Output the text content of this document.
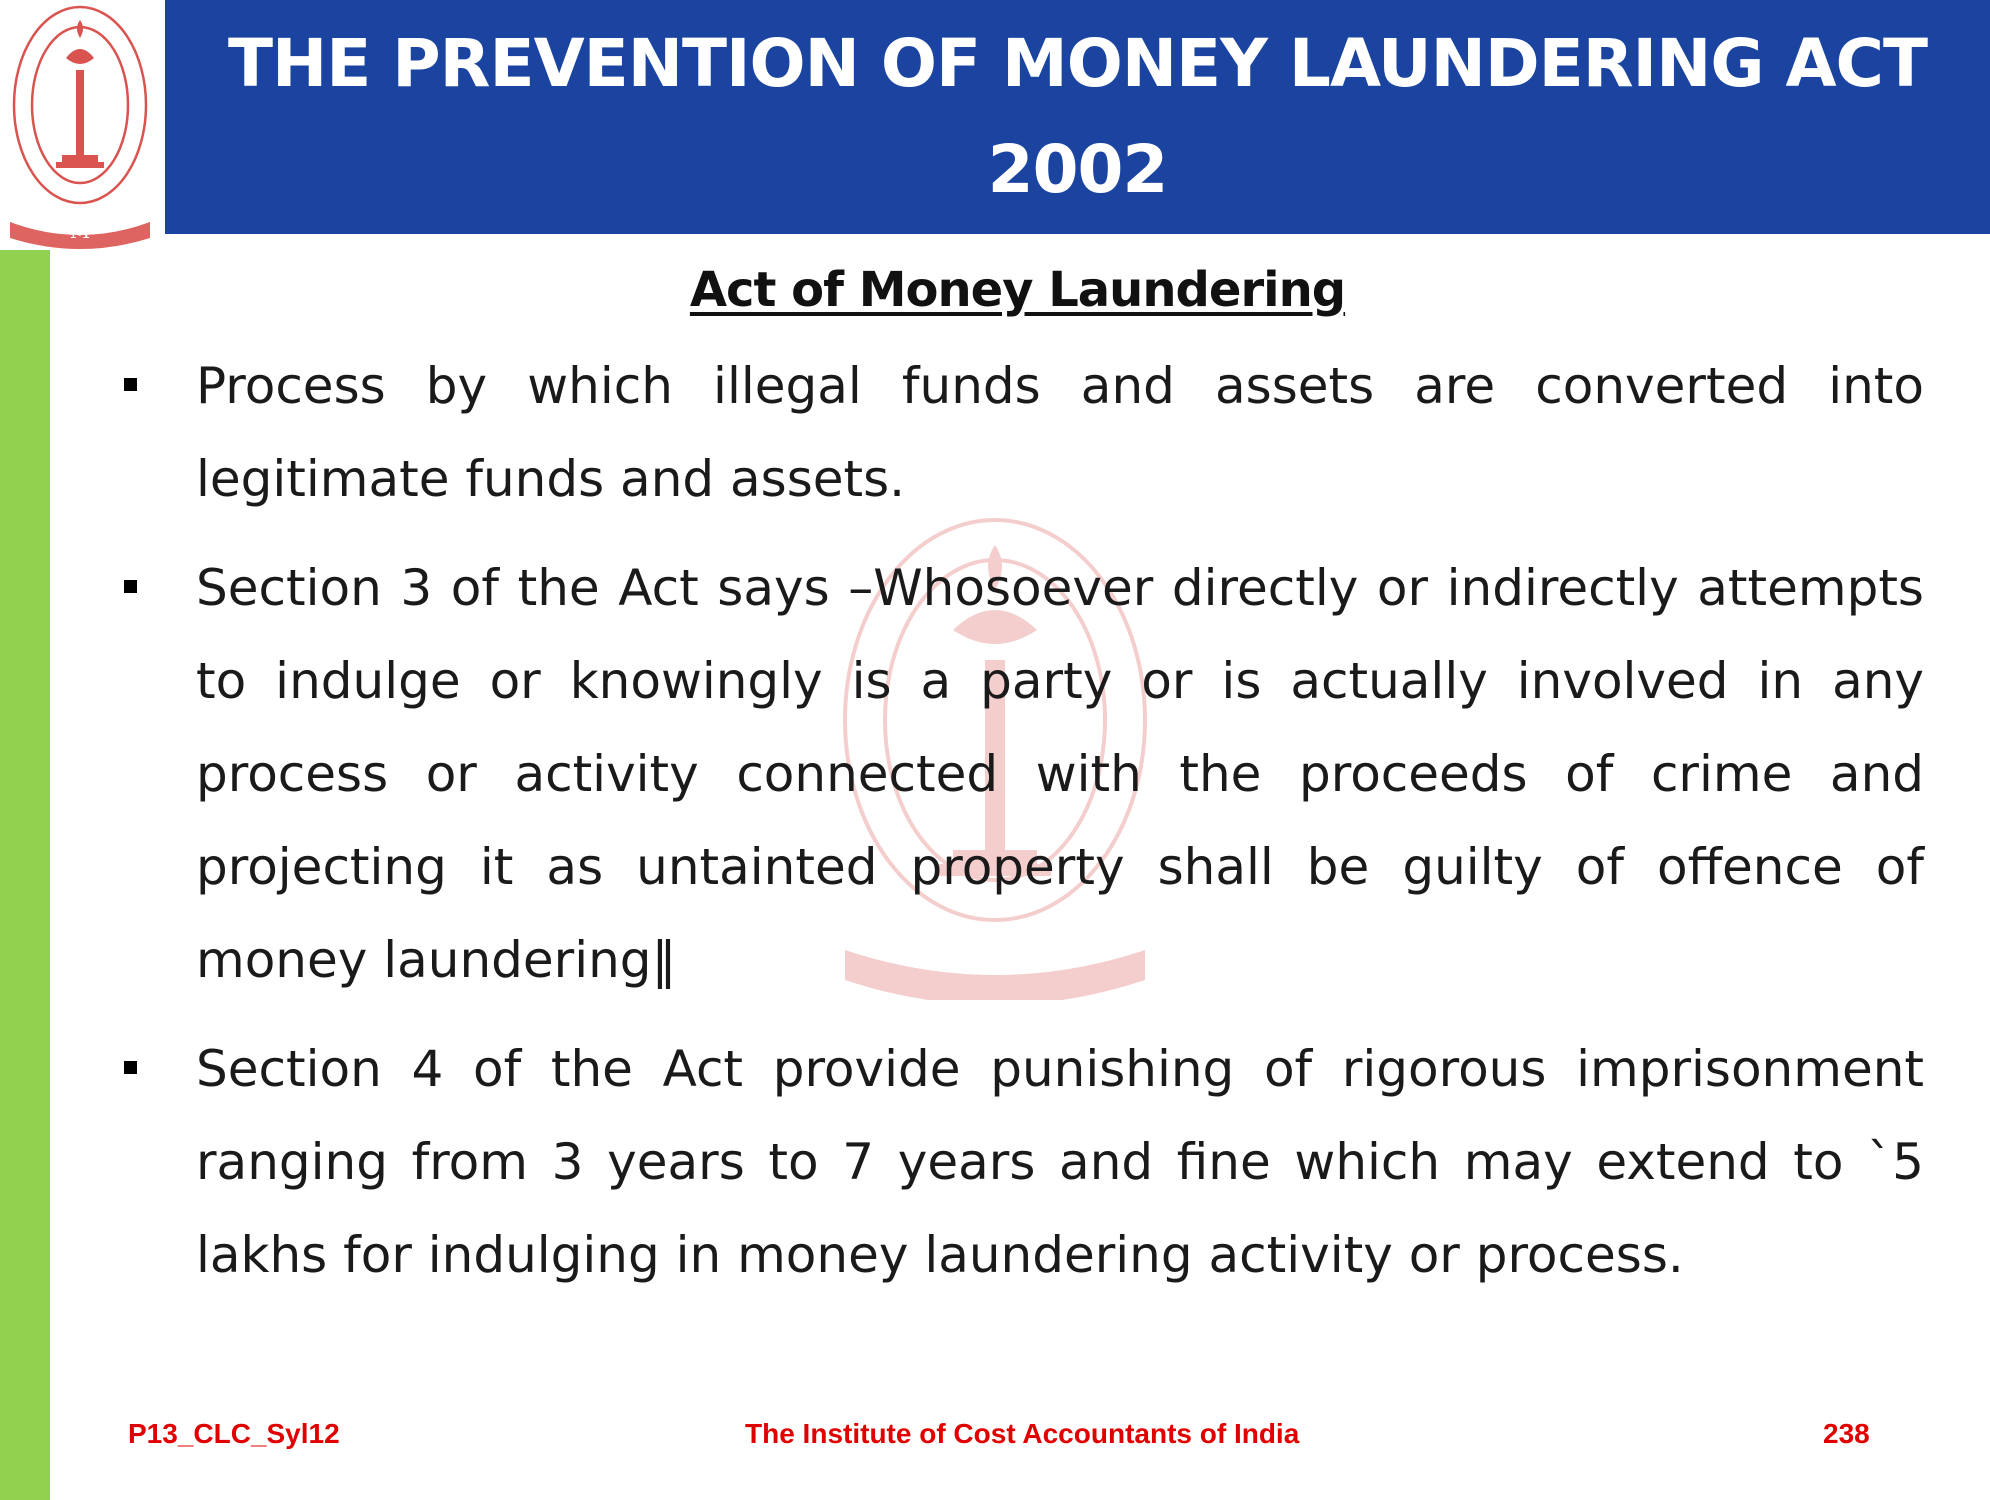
M
THE PREVENTION OF MONEY LAUNDERING ACT 2002
Act of Money Laundering
Process by which illegal funds and assets are converted into legitimate funds and assets.
Section 3 of the Act says –Whosoever directly or indirectly attempts to indulge or knowingly is a party or is actually involved in any process or activity connected with the proceeds of crime and projecting it as untainted property shall be guilty of offence of money laundering‖
Section 4 of the Act provide punishing of rigorous imprisonment ranging from 3 years to 7 years and fine which may extend to `5 lakhs for indulging in money laundering activity or process.
P13_CLC_Syl12	The Institute of Cost Accountants of India	238
